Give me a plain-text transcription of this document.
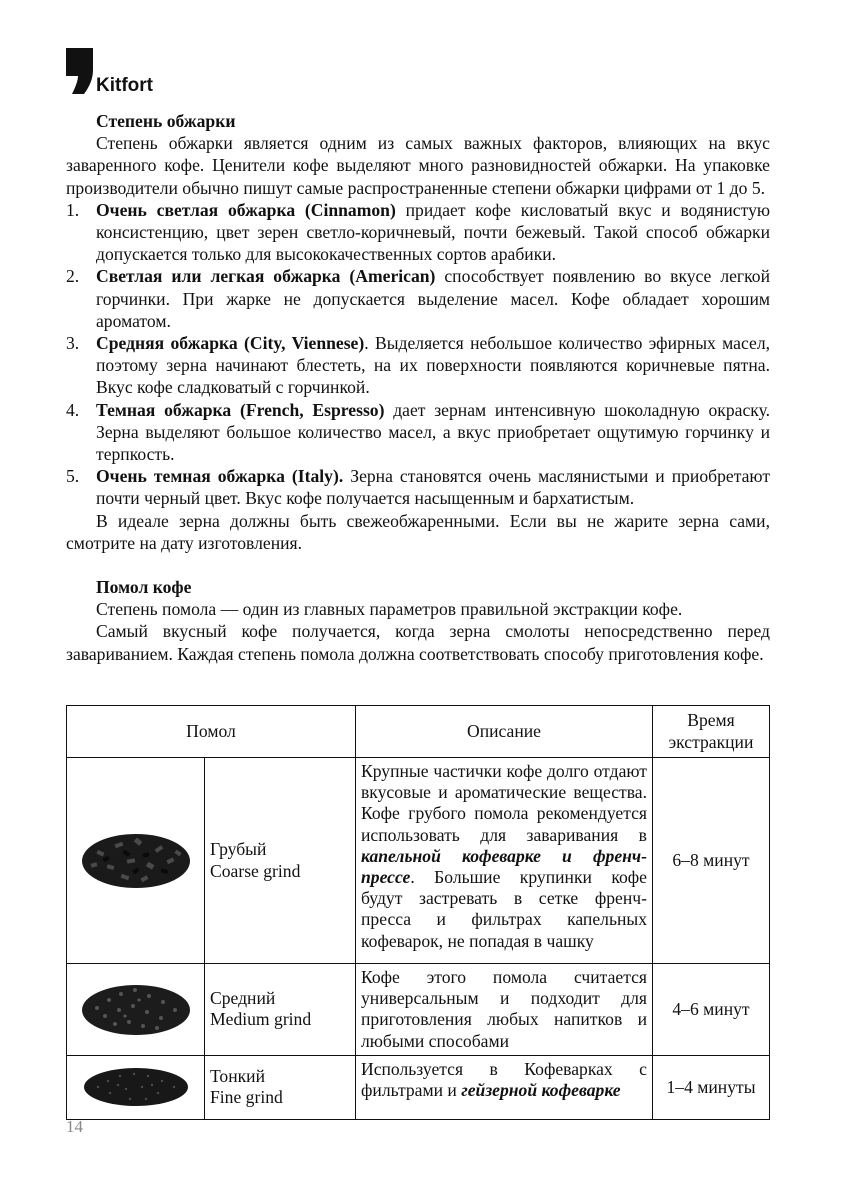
Kitfort
Степень обжарки
Степень обжарки является одним из самых важных факторов, влияющих на вкус заваренного кофе. Ценители кофе выделяют много разновидностей обжарки. На упаковке производители обычно пишут самые распространенные степени обжарки цифрами от 1 до 5.
1. Очень светлая обжарка (Cinnamon) придает кофе кисловатый вкус и водянистую консистенцию, цвет зерен светло-коричневый, почти бежевый. Такой способ обжарки допускается только для высококачественных сортов арабики.
2. Светлая или легкая обжарка (American) способствует появлению во вкусе легкой горчинки. При жарке не допускается выделение масел. Кофе обладает хорошим ароматом.
3. Средняя обжарка (City, Viennese). Выделяется небольшое количество эфирных масел, поэтому зерна начинают блестеть, на их поверхности появляются коричневые пятна. Вкус кофе сладковатый с горчинкой.
4. Темная обжарка (French, Espresso) дает зернам интенсивную шоколадную окраску. Зерна выделяют большое количество масел, а вкус приобретает ощутимую горчинку и терпкость.
5. Очень темная обжарка (Italy). Зерна становятся очень маслянистыми и приобретают почти черный цвет. Вкус кофе получается насыщенным и бархатистым.
В идеале зерна должны быть свежеобжаренными. Если вы не жарите зерна сами, смотрите на дату изготовления.
Помол кофе
Степень помола — один из главных параметров правильной экстракции кофе.
Самый вкусный кофе получается, когда зерна смолоты непосредственно перед завариванием. Каждая степень помола должна соответствовать способу приготовления кофе.
Помол		Описание	Время экстракции

Грубый
Coarse grind	Крупные частички кофе долго отдают вкусовые и ароматические вещества. Кофе грубого помола рекомендуется использовать для заваривания в капельной кофеварке и френч-прессе. Большие крупинки кофе будут застревать в сетке френч-пресса и фильтрах капельных кофеварок, не попадая в чашку	6–8 минут

Средний
Medium grind	Кофе этого помола считается универсальным и подходит для приготовления любых напитков и любыми способами	4–6 минут

Тонкий
Fine grind	Используется в Кофеварках с фильтрами и гейзерной кофеварке	1–4 минуты
14
